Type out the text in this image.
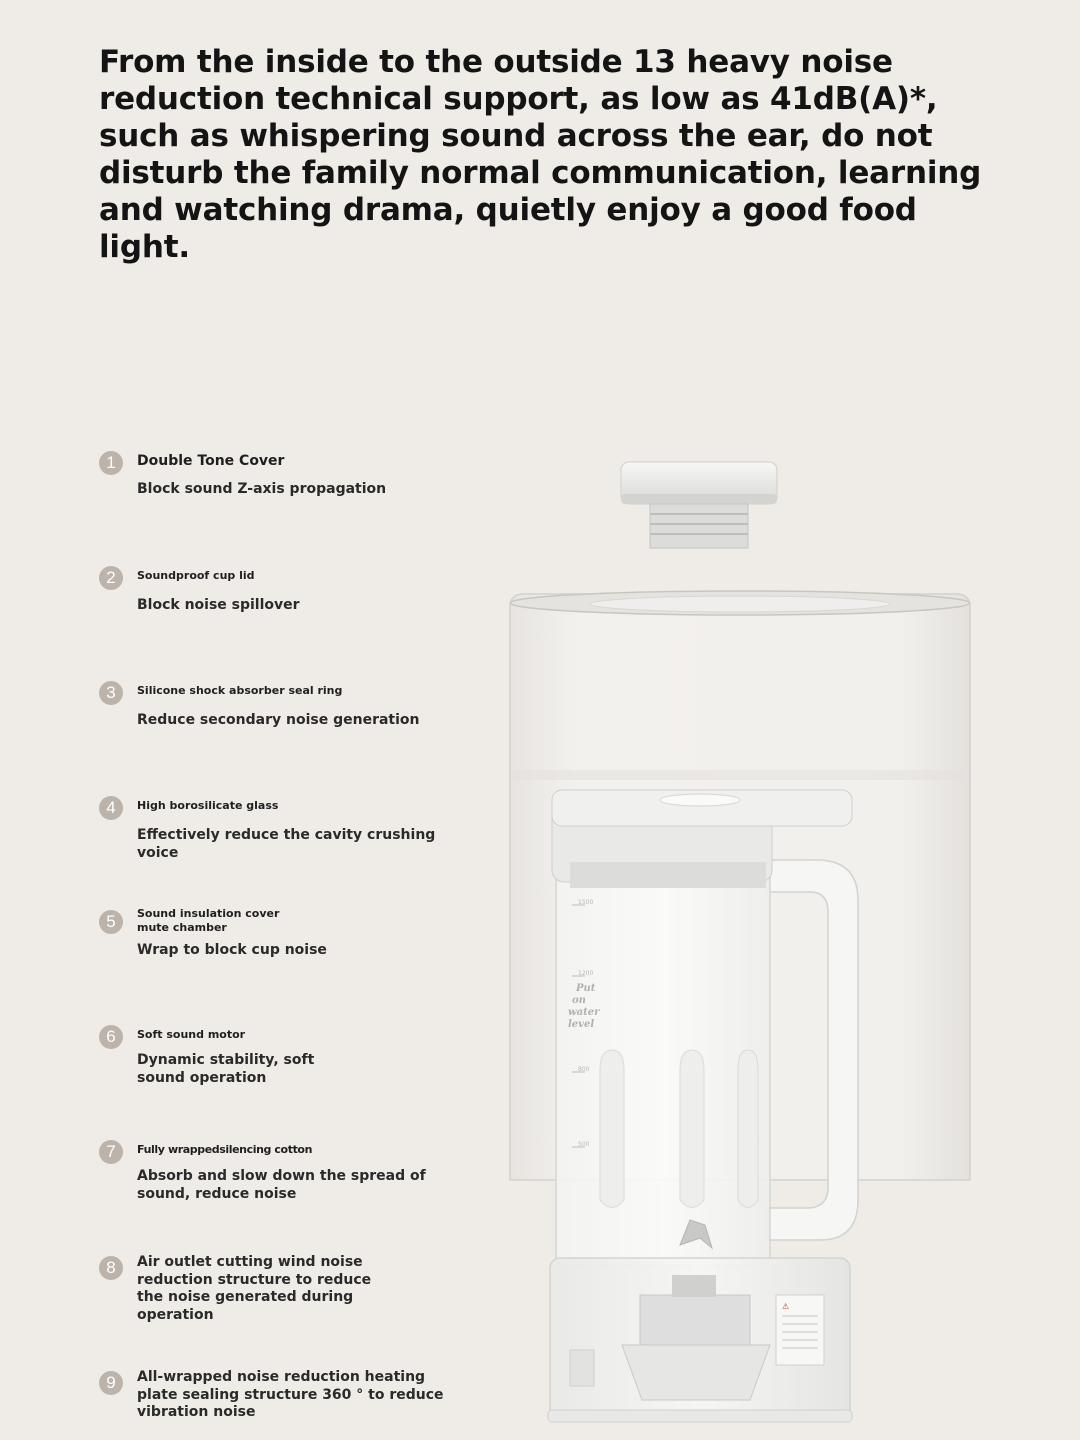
From the inside to the outside 13 heavy noise reduction technical support, as low as 41dB(A)*, such as whispering sound across the ear, do not disturb the family normal communication, learning and watching drama, quietly enjoy a good food light.
1	Double Tone Cover
Block sound Z-axis propagation
2	Soundproof cup lid
Block noise spillover
3	Silicone shock absorber seal ring
Reduce secondary noise generation
4	High borosilicate glass
Effectively reduce the cavity crushing voice
5	Sound insulation cover mute chamber
Wrap to block cup noise
6	Soft sound motor
Dynamic stability, soft sound operation
7	Fully wrappedsilencing cotton
Absorb and slow down the spread of sound, reduce noise
8	Air outlet cutting wind noise reduction structure to reduce the noise generated during operation
9	All-wrapped noise reduction heating plate sealing structure 360 ° to reduce vibration noise
1500
1200
800
500
Put
on
water
level
⚠
